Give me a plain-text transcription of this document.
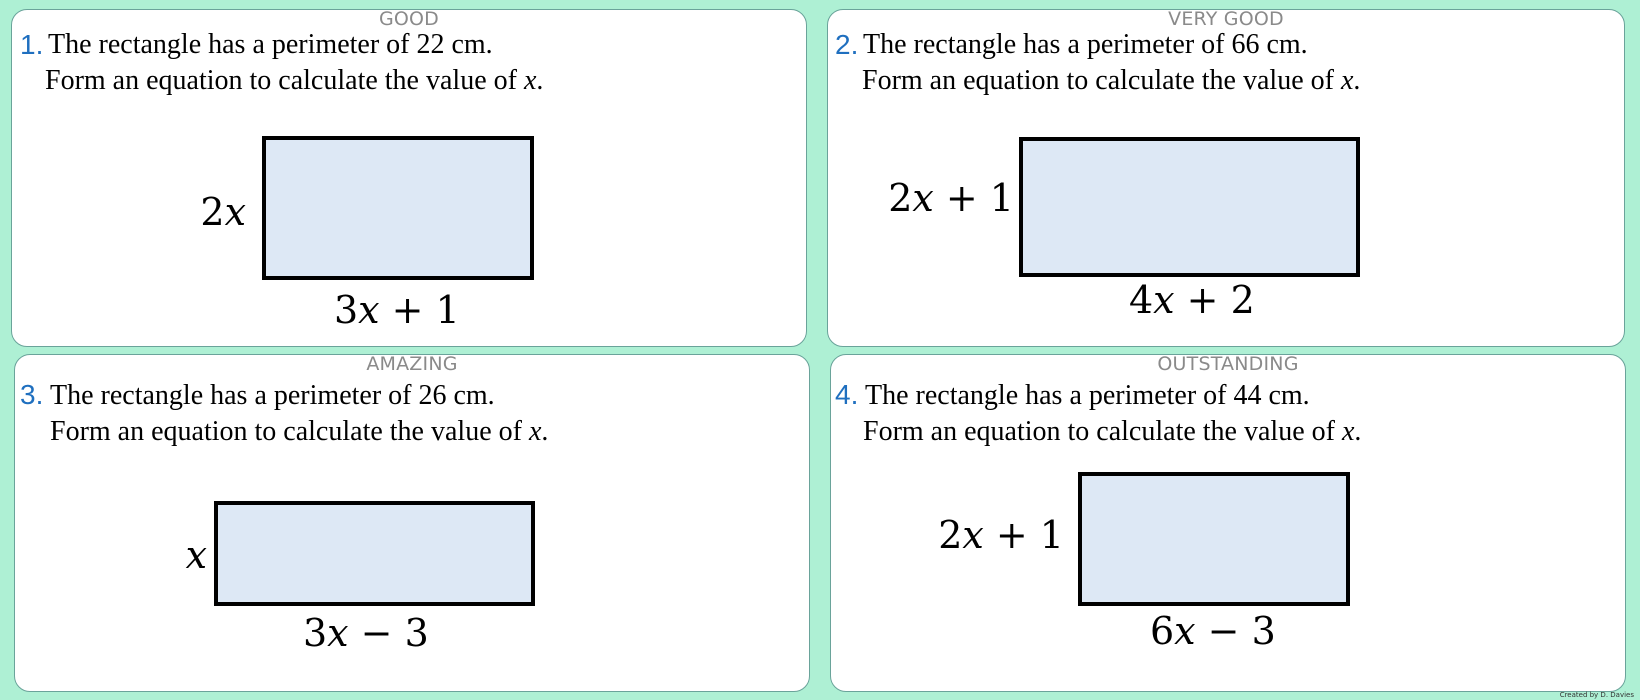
GOOD
1. The rectangle has a perimeter of 22 cm.
Form an equation to calculate the value of x.
2𝑥
3𝑥 + 1
VERY GOOD
2. The rectangle has a perimeter of 66 cm.
Form an equation to calculate the value of x.
2𝑥 + 1
4𝑥 + 2
AMAZING
3. The rectangle has a perimeter of 26 cm.
Form an equation to calculate the value of x.
𝑥
3𝑥 − 3
OUTSTANDING
4. The rectangle has a perimeter of 44 cm.
Form an equation to calculate the value of x.
2𝑥 + 1
6𝑥 − 3
Created by D. Davies
